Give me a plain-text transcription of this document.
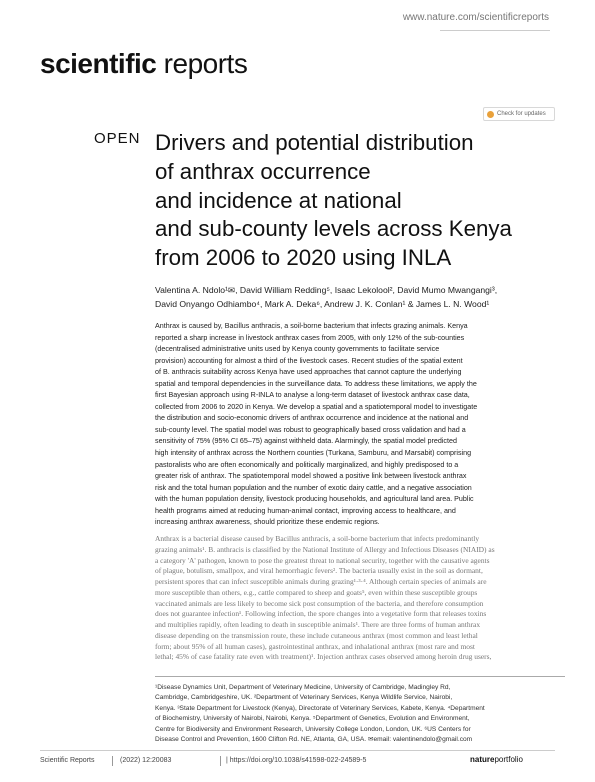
www.nature.com/scientificreports
scientific reports
Check for updates
OPEN Drivers and potential distribution
of anthrax occurrence
and incidence at national
and sub‑county levels across Kenya
from 2006 to 2020 using INLA
Valentina A. Ndolo¹✉, David William Redding⁵, Isaac Lekolool², David Mumo Mwangangi³,
David Onyango Odhiambo⁴, Mark A. Deka⁶, Andrew J. K. Conlan¹ & James L. N. Wood¹
Anthrax is caused by, Bacillus anthracis, a soil-borne bacterium that infects grazing animals. Kenya
reported a sharp increase in livestock anthrax cases from 2005, with only 12% of the sub-counties
(decentralised administrative units used by Kenya county governments to facilitate service
provision) accounting for almost a third of the livestock cases. Recent studies of the spatial extent
of B. anthracis suitability across Kenya have used approaches that cannot capture the underlying
spatial and temporal dependencies in the surveillance data. To address these limitations, we apply the
first Bayesian approach using R-INLA to analyse a long-term dataset of livestock anthrax case data,
collected from 2006 to 2020 in Kenya. We develop a spatial and a spatiotemporal model to investigate
the distribution and socio-economic drivers of anthrax occurrence and incidence at the national and
sub-county level. The spatial model was robust to geographically based cross validation and had a
sensitivity of 75% (95% CI 65–75) against withheld data. Alarmingly, the spatial model predicted
high intensity of anthrax across the Northern counties (Turkana, Samburu, and Marsabit) comprising
pastoralists who are often economically and politically marginalized, and highly predisposed to a
greater risk of anthrax. The spatiotemporal model showed a positive link between livestock anthrax
risk and the total human population and the number of exotic dairy cattle, and a negative association
with the human population density, livestock producing households, and agricultural land area. Public
health programs aimed at reducing human-animal contact, improving access to healthcare, and
increasing anthrax awareness, should prioritize these endemic regions.
Anthrax is a bacterial disease caused by Bacillus anthracis, a soil-borne bacterium that infects predominantly
grazing animals¹. B. anthracis is classified by the National Institute of Allergy and Infectious Diseases (NIAID) as
a category 'A' pathogen, known to pose the greatest threat to national security, together with the causative agents
of plague, botulism, smallpox, and viral hemorrhagic fevers². The bacteria usually exist in the soil as dormant,
persistent spores that can infect susceptible animals during grazing¹·³·⁴. Although certain species of animals are
more susceptible than others, e.g., cattle compared to sheep and goats⁵, even within these susceptible groups
vaccinated animals are less likely to become sick post consumption of the bacteria, and therefore consumption
does not guarantee infection¹. Following infection, the spore changes into a vegetative form that releases toxins
and multiplies rapidly, often leading to death in susceptible animals¹. There are three forms of human anthrax
disease depending on the transmission route, these include cutaneous anthrax (most common and least lethal
form; about 95% of all human cases), gastrointestinal anthrax, and inhalational anthrax (most rare and most
lethal; 45% of case fatality rate even with treatment)¹. Injection anthrax cases observed among heroin drug users,
¹Disease Dynamics Unit, Department of Veterinary Medicine, University of Cambridge, Madingley Rd,
Cambridge, Cambridgeshire, UK. ²Department of Veterinary Services, Kenya Wildlife Service, Nairobi,
Kenya. ³State Department for Livestock (Kenya), Directorate of Veterinary Services, Kabete, Kenya. ⁴Department
of Biochemistry, University of Nairobi, Nairobi, Kenya. ⁵Department of Genetics, Evolution and Environment,
Centre for Biodiversity and Environment Research, University College London, London, UK. ⁶US Centers for
Disease Control and Prevention, 1600 Clifton Rd. NE, Atlanta, GA, USA. ✉email: valentinendolo@gmail.com
Scientific Reports	(2022) 12:20083	| https://doi.org/10.1038/s41598-022-24589-5	natureportfolio
